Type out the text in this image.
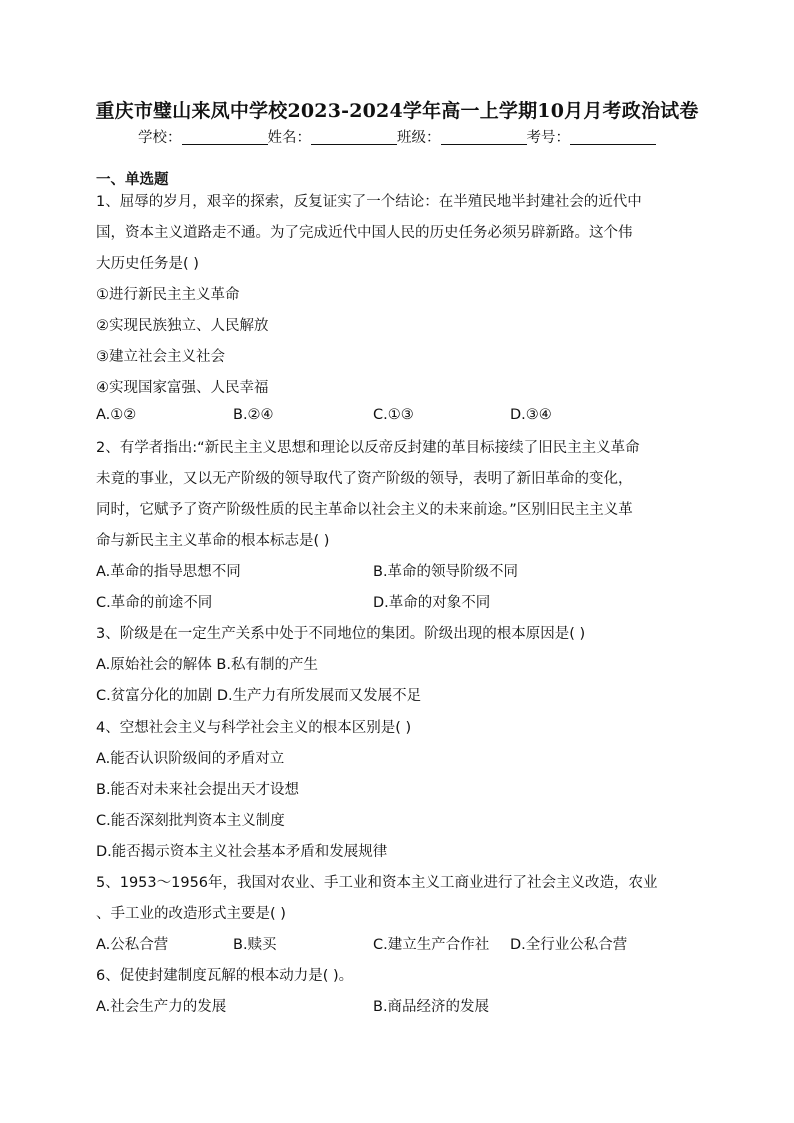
重庆市璧山来凤中学校2023-2024学年高一上学期10月月考政治试卷
学校：	姓名：	班级：	考号：
一、单选题
1、屈辱的岁月，艰辛的探索，反复证实了一个结论：在半殖民地半封建社会的近代中
国，资本主义道路走不通。为了完成近代中国人民的历史任务必须另辟新路。这个伟
大历史任务是( )
①进行新民主主义革命
②实现民族独立、人民解放
③建立社会主义社会
④实现国家富强、人民幸福
A.①②	B.②④	C.①③	D.③④
2、有学者指出:“新民主主义思想和理论以反帝反封建的革目标接续了旧民主主义革命
未竟的事业，又以无产阶级的领导取代了资产阶级的领导，表明了新旧革命的变化，
同时，它赋予了资产阶级性质的民主革命以社会主义的未来前途。”区别旧民主主义革
命与新民主主义革命的根本标志是( )
A.革命的指导思想不同	B.革命的领导阶级不同
C.革命的前途不同	D.革命的对象不同
3、阶级是在一定生产关系中处于不同地位的集团。阶级出现的根本原因是( )
A.原始社会的解体 B.私有制的产生
C.贫富分化的加剧 D.生产力有所发展而又发展不足
4、空想社会主义与科学社会主义的根本区别是( )
A.能否认识阶级间的矛盾对立
B.能否对未来社会提出天才设想
C.能否深刻批判资本主义制度
D.能否揭示资本主义社会基本矛盾和发展规律
5、1953～1956年，我国对农业、手工业和资本主义工商业进行了社会主义改造，农业
、手工业的改造形式主要是( )
A.公私合营	B.赎买	C.建立生产合作社 D.全行业公私合营
6、促使封建制度瓦解的根本动力是( )。
A.社会生产力的发展	B.商品经济的发展
